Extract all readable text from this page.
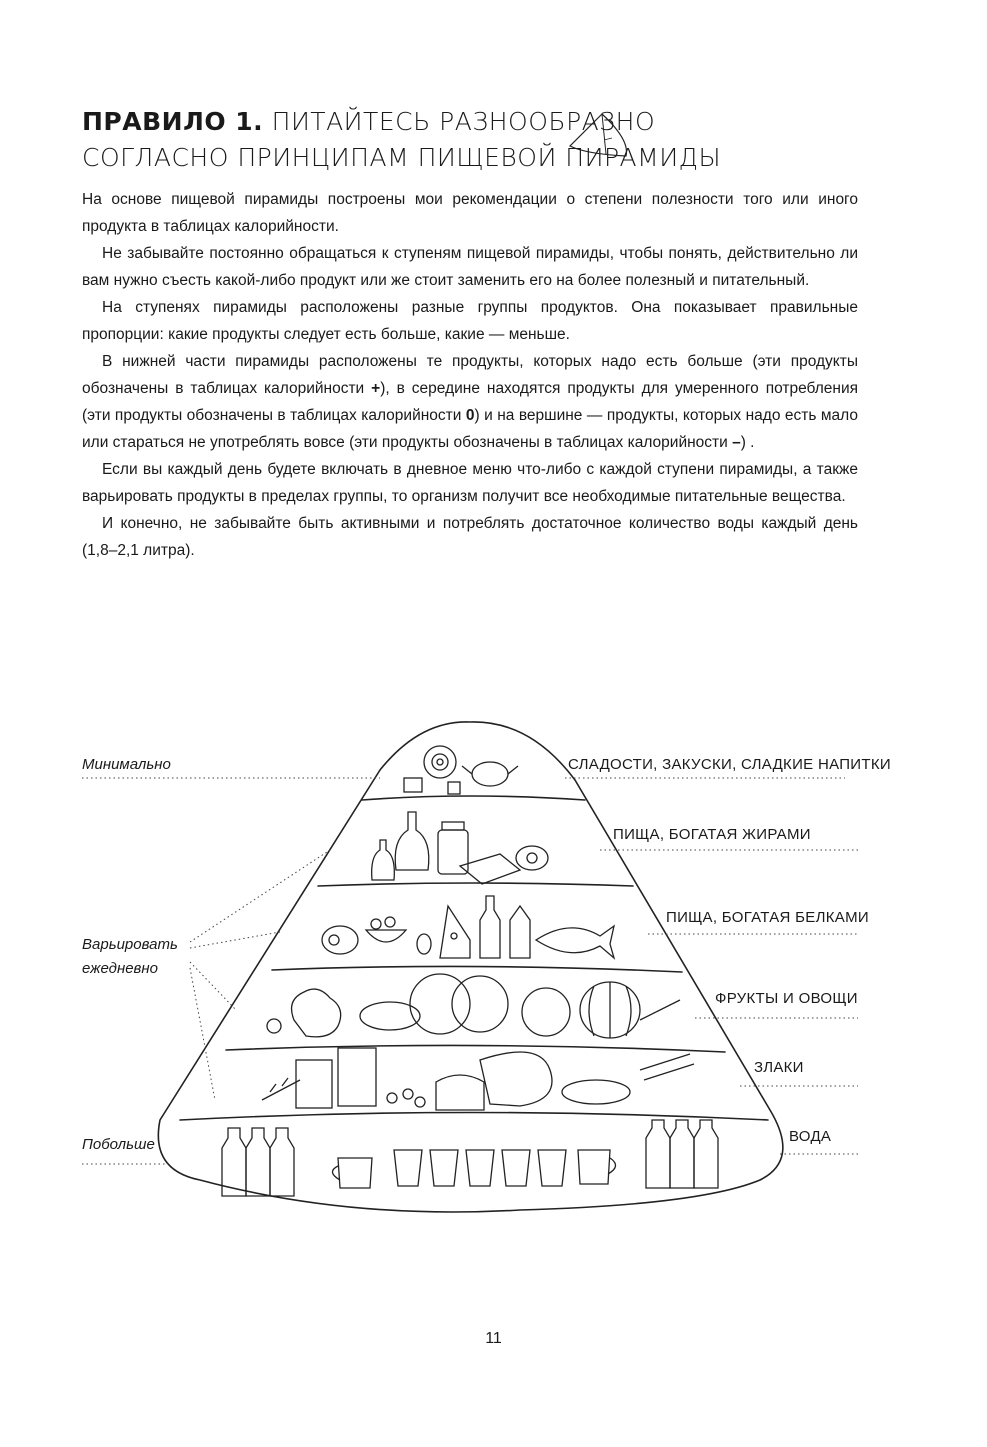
ПРАВИЛО 1. ПИТАЙТЕСЬ РАЗНООБРАЗНО
СОГЛАСНО ПРИНЦИПАМ ПИЩЕВОЙ ПИРАМИДЫ

На основе пищевой пирамиды построены мои рекомендации о степени полезности того или иного продукта в таблицах калорийности.

Не забывайте постоянно обращаться к ступеням пищевой пирамиды, чтобы понять, действительно ли вам нужно съесть какой-либо продукт или же стоит заменить его на более полезный и питательный.

На ступенях пирамиды расположены разные группы продуктов. Она показывает правильные пропорции: какие продукты следует есть больше, какие — меньше.

В нижней части пирамиды расположены те продукты, которых надо есть больше (эти продукты обозначены в таблицах калорийности +), в середине находятся продукты для умеренного потребления (эти продукты обозначены в таблицах калорийности 0) и на вершине — продукты, которых надо есть мало или стараться не употреблять вовсе (эти продукты обозначены в таблицах калорийности –) .

Если вы каждый день будете включать в дневное меню что-либо с каждой ступени пирамиды, а также варьировать продукты в пределах группы, то организм получит все необходимые питательные вещества.

И конечно, не забывайте быть активными и потреблять достаточное количество воды каждый день (1,8–2,1 литра).

Минимально
Варьировать
ежедневно
Побольше
СЛАДОСТИ, ЗАКУСКИ, СЛАДКИЕ НАПИТКИ
ПИЩА, БОГАТАЯ ЖИРАМИ
ПИЩА, БОГАТАЯ БЕЛКАМИ
ФРУКТЫ И ОВОЩИ
ЗЛАКИ
ВОДА
11
